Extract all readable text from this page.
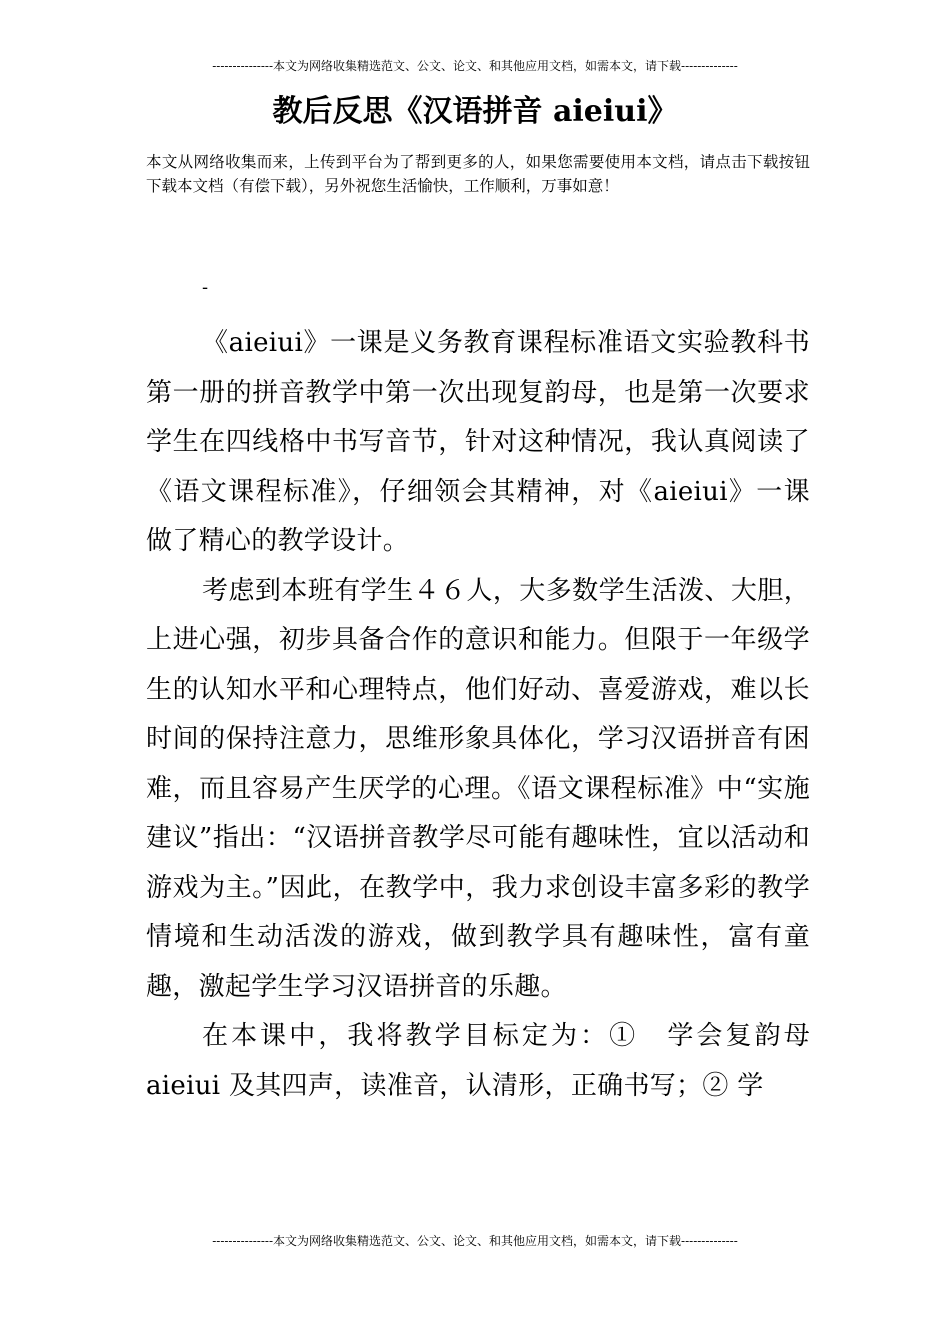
---------------本文为网络收集精选范文、公文、论文、和其他应用文档，如需本文，请下载--------------
教后反思《汉语拼音 aieiui》
本文从网络收集而来，上传到平台为了帮到更多的人，如果您需要使用本文档，请点击下载按钮下载本文档（有偿下载），另外祝您生活愉快，工作顺利，万事如意！
-

《aieiui》一课是义务教育课程标准语文实验教科书第一册的拼音教学中第一次出现复韵母，也是第一次要求学生在四线格中书写音节，针对这种情况，我认真阅读了《语文课程标准》，仔细领会其精神，对《aieiui》一课做了精心的教学设计。

考虑到本班有学生４６人，大多数学生活泼、大胆，上进心强，初步具备合作的意识和能力。但限于一年级学生的认知水平和心理特点，他们好动、喜爱游戏，难以长时间的保持注意力，思维形象具体化，学习汉语拼音有困难，而且容易产生厌学的心理。《语文课程标准》中“实施建议”指出：“汉语拼音教学尽可能有趣味性，宜以活动和游戏为主。”因此，在教学中，我力求创设丰富多彩的教学情境和生动活泼的游戏，做到教学具有趣味性，富有童趣，激起学生学习汉语拼音的乐趣。

在本课中，我将教学目标定为：①　学会复韵母aieiui 及其四声，读准音，认清形，正确书写；② 学

---------------本文为网络收集精选范文、公文、论文、和其他应用文档，如需本文，请下载--------------
